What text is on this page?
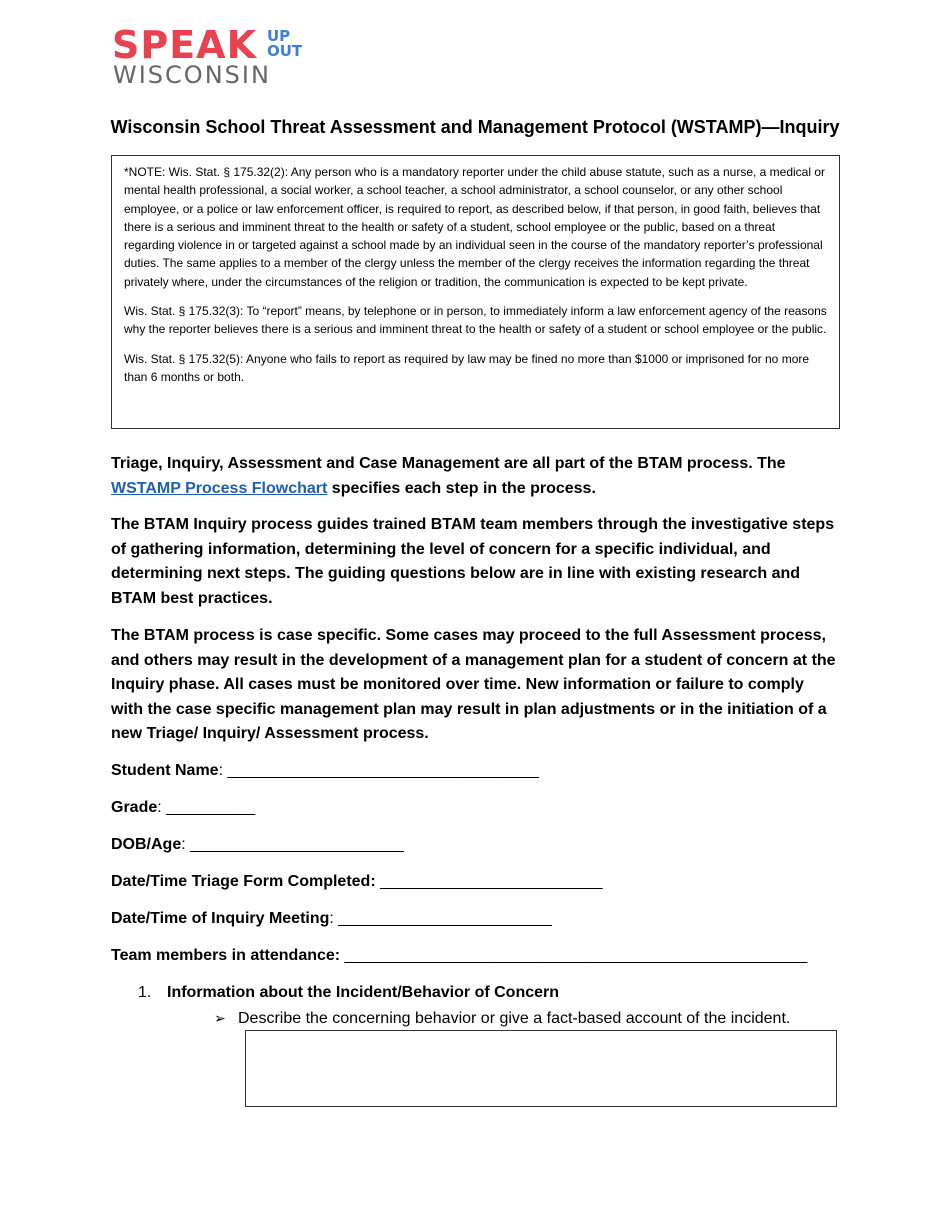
SPEAK UP
OUT
WISCONSIN
Wisconsin School Threat Assessment and Management Protocol (WSTAMP)—Inquiry

*NOTE: Wis. Stat. § 175.32(2): Any person who is a mandatory reporter under the child abuse statute, such as a nurse, a medical or mental health professional, a social worker, a school teacher, a school administrator, a school counselor, or any other school employee, or a police or law enforcement officer, is required to report, as described below, if that person, in good faith, believes that there is a serious and imminent threat to the health or safety of a student, school employee or the public, based on a threat regarding violence in or targeted against a school made by an individual seen in the course of the mandatory reporter’s professional duties. The same applies to a member of the clergy unless the member of the clergy receives the information regarding the threat privately where, under the circumstances of the religion or tradition, the communication is expected to be kept private.

Wis. Stat. § 175.32(3): To “report” means, by telephone or in person, to immediately inform a law enforcement agency of the reasons why the reporter believes there is a serious and imminent threat to the health or safety of a student or school employee or the public.

Wis. Stat. § 175.32(5): Anyone who fails to report as required by law may be fined no more than $1000 or imprisoned for no more than 6 months or both.

Triage, Inquiry, Assessment and Case Management are all part of the BTAM process. The WSTAMP Process Flowchart specifies each step in the process.

The BTAM Inquiry process guides trained BTAM team members through the investigative steps of gathering information, determining the level of concern for a specific individual, and determining next steps. The guiding questions below are in line with existing research and BTAM best practices.

The BTAM process is case specific. Some cases may proceed to the full Assessment process, and others may result in the development of a management plan for a student of concern at the Inquiry phase. All cases must be monitored over time. New information or failure to comply with the case specific management plan may result in plan adjustments or in the initiation of a new Triage/ Inquiry/ Assessment process.

Student Name: ___________________________________
Grade: __________
DOB/Age: ________________________
Date/Time Triage Form Completed: _________________________
Date/Time of Inquiry Meeting: ________________________
Team members in attendance: ____________________________________________________
1. Information about the Incident/Behavior of Concern
➢ Describe the concerning behavior or give a fact-based account of the incident.
